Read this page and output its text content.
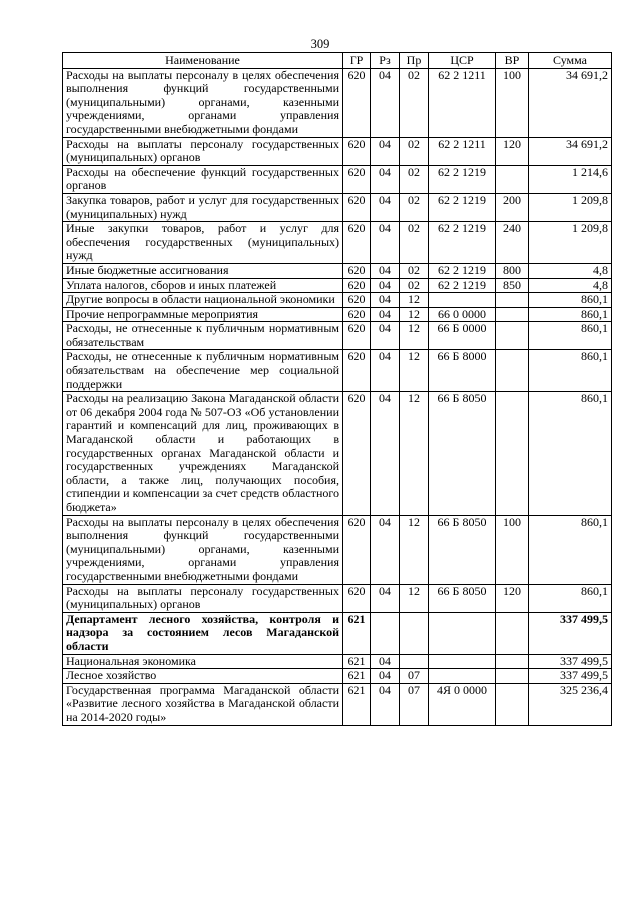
309
Наименование	ГР	Рз	Пр	ЦСР	ВР	Сумма
Расходы на выплаты персоналу в целях обеспечения выполнения функций государственными (муниципальными) органами, казенными учреждениями, органами управления государственными внебюджетными фондами	620	04	02	62 2 1211	100	34 691,2
Расходы на выплаты персоналу государственных (муниципальных) органов	620	04	02	62 2 1211	120	34 691,2
Расходы на обеспечение функций государственных органов	620	04	02	62 2 1219		1 214,6
Закупка товаров, работ и услуг для государственных (муниципальных) нужд	620	04	02	62 2 1219	200	1 209,8
Иные закупки товаров, работ и услуг для обеспечения государственных (муниципальных) нужд	620	04	02	62 2 1219	240	1 209,8
Иные бюджетные ассигнования	620	04	02	62 2 1219	800	4,8
Уплата налогов, сборов и иных платежей	620	04	02	62 2 1219	850	4,8
Другие вопросы в области национальной экономики	620	04	12			860,1
Прочие непрограммные мероприятия	620	04	12	66 0 0000		860,1
Расходы, не отнесенные к публичным нормативным обязательствам	620	04	12	66 Б 0000		860,1
Расходы, не отнесенные к публичным нормативным обязательствам на обеспечение мер социальной поддержки	620	04	12	66 Б 8000		860,1
Расходы на реализацию Закона Магаданской области от 06 декабря 2004 года № 507-ОЗ «Об установлении гарантий и компенсаций для лиц, проживающих в Магаданской области и работающих в государственных органах Магаданской области и государственных учреждениях Магаданской области, а также лиц, получающих пособия, стипендии и компенсации за счет средств областного бюджета»	620	04	12	66 Б 8050		860,1
Расходы на выплаты персоналу в целях обеспечения выполнения функций государственными (муниципальными) органами, казенными учреждениями, органами управления государственными внебюджетными фондами	620	04	12	66 Б 8050	100	860,1
Расходы на выплаты персоналу государственных (муниципальных) органов	620	04	12	66 Б 8050	120	860,1
Департамент лесного хозяйства, контроля и надзора за состоянием лесов Магаданской области	621					337 499,5
Национальная экономика	621	04				337 499,5
Лесное хозяйство	621	04	07			337 499,5
Государственная программа Магаданской области «Развитие лесного хозяйства в Магаданской области на 2014-2020 годы»	621	04	07	4Я 0 0000		325 236,4
